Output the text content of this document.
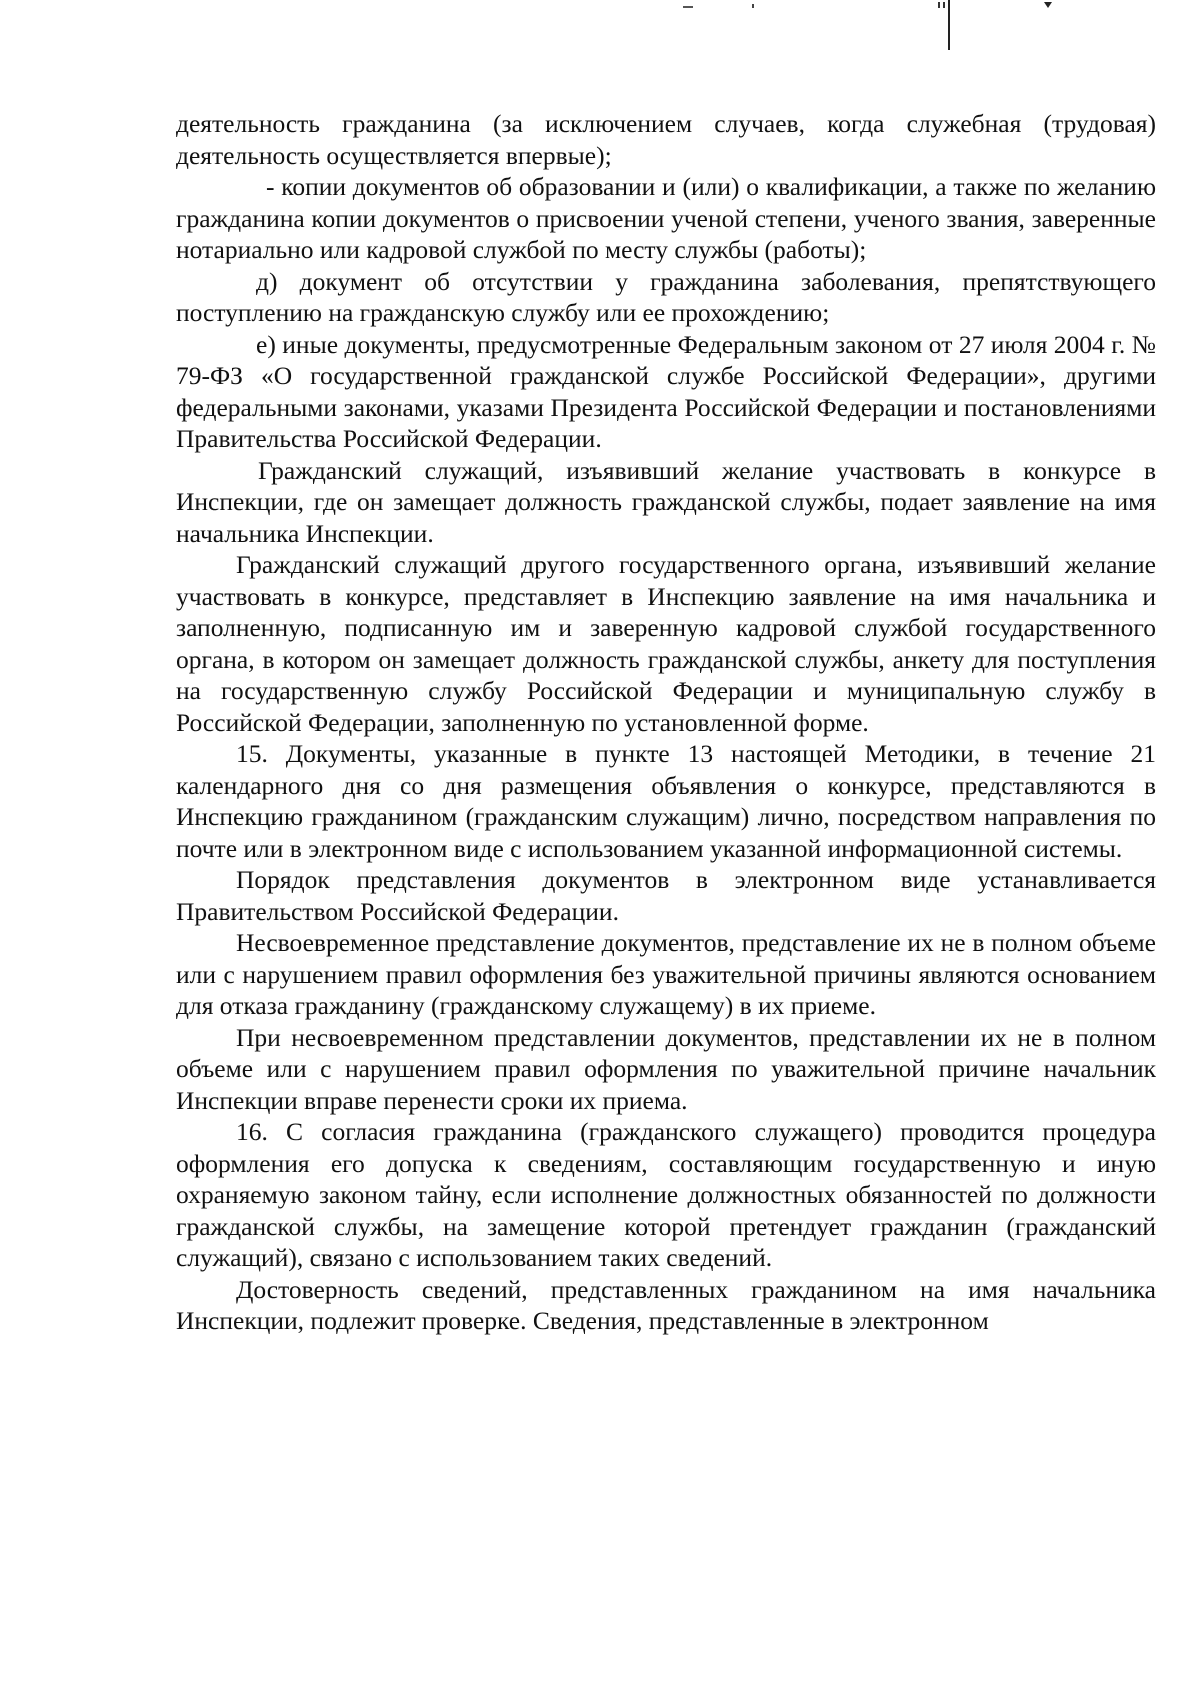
деятельность гражданина (за исключением случаев, когда служебная (трудовая) деятельность осуществляется впервые);

- копии документов об образовании и (или) о квалификации, а также по желанию гражданина копии документов о присвоении ученой степени, ученого звания, заверенные нотариально или кадровой службой по месту службы (работы);

д) документ об отсутствии у гражданина заболевания, препятствующего поступлению на гражданскую службу или ее прохождению;

е) иные документы, предусмотренные Федеральным законом от 27 июля 2004 г. № 79-ФЗ «О государственной гражданской службе Российской Федерации», другими федеральными законами, указами Президента Российской Федерации и постановлениями Правительства Российской Федерации.

Гражданский служащий, изъявивший желание участвовать в конкурсе в Инспекции, где он замещает должность гражданской службы, подает заявление на имя начальника Инспекции.

Гражданский служащий другого государственного органа, изъявивший желание участвовать в конкурсе, представляет в Инспекцию заявление на имя начальника и заполненную, подписанную им и заверенную кадровой службой государственного органа, в котором он замещает должность гражданской службы, анкету для поступления на государственную службу Российской Федерации и муниципальную службу в Российской Федерации, заполненную по установленной форме.

15. Документы, указанные в пункте 13 настоящей Методики, в течение 21 календарного дня со дня размещения объявления о конкурсе, представляются в Инспекцию гражданином (гражданским служащим) лично, посредством направления по почте или в электронном виде с использованием указанной информационной системы.

Порядок представления документов в электронном виде устанавливается Правительством Российской Федерации.

Несвоевременное представление документов, представление их не в полном объеме или с нарушением правил оформления без уважительной причины являются основанием для отказа гражданину (гражданскому служащему) в их приеме.

При несвоевременном представлении документов, представлении их не в полном объеме или с нарушением правил оформления по уважительной причине начальник Инспекции вправе перенести сроки их приема.

16. С согласия гражданина (гражданского служащего) проводится процедура оформления его допуска к сведениям, составляющим государственную и иную охраняемую законом тайну, если исполнение должностных обязанностей по должности гражданской службы, на замещение которой претендует гражданин (гражданский служащий), связано с использованием таких сведений.

Достоверность сведений, представленных гражданином на имя начальника Инспекции, подлежит проверке. Сведения, представленные в электронном
